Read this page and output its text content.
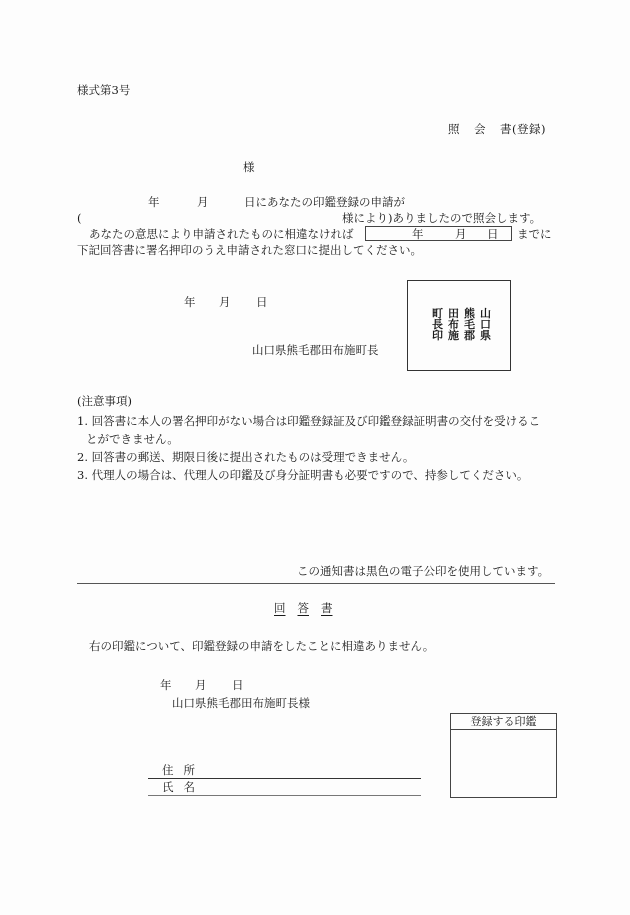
様式第3号
照 会 書(登録)
様
年	月	日にあなたの印鑑登録の申請が
(	様により)ありましたので照会します。
あなたの意思により申請されたものに相違なければ	年	月 日 までに
下記回答書に署名押印のうえ申請された窓口に提出してください。
年 月 日
山口県熊毛郡田布施町長
山
口
県
熊
毛
郡
田
布
施
町
長
印
(注意事項)
1. 回答書に本人の署名押印がない場合は印鑑登録証及び印鑑登録証明書の交付を受けるこ
とができません。
2. 回答書の郵送、期限日後に提出されたものは受理できません。
3. 代理人の場合は、代理人の印鑑及び身分証明書も必要ですので、持参してください。
この通知書は黒色の電子公印を使用しています。
回 答 書
右の印鑑について、印鑑登録の申請をしたことに相違ありません。
年 月 日
山口県熊毛郡田布施町長様
登録する印鑑
住 所
氏 名
